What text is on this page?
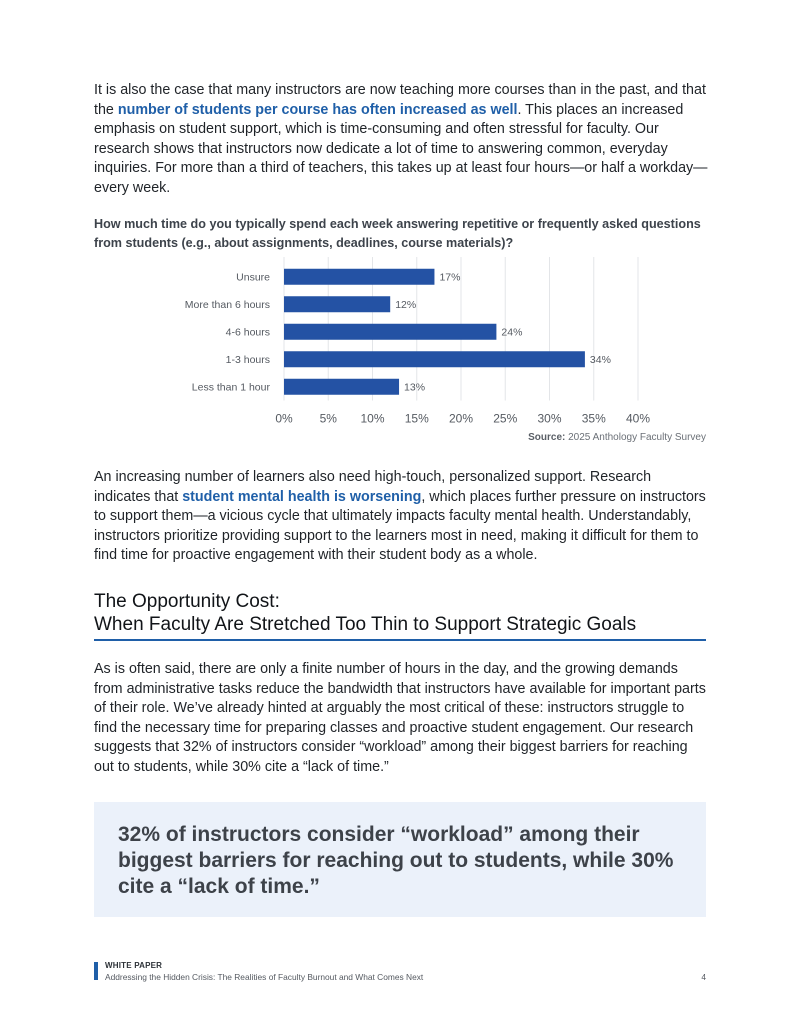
It is also the case that many instructors are now teaching more courses than in the past, and that the number of students per course has often increased as well. This places an increased emphasis on student support, which is time-consuming and often stressful for faculty. Our research shows that instructors now dedicate a lot of time to answering common, everyday inquiries. For more than a third of teachers, this takes up at least four hours—or half a workday—every week.

How much time do you typically spend each week answering repetitive or frequently asked questions from students (e.g., about assignments, deadlines, course materials)?

0% 5% 10% 15% 20% 25% 30% 35% 40%
Unsure	17%
More than 6 hours	12%
4-6 hours	24%
1-3 hours	34%
Less than 1 hour	13%
Source: 2025 Anthology Faculty Survey

An increasing number of learners also need high-touch, personalized support. Research indicates that student mental health is worsening, which places further pressure on instructors to support them—a vicious cycle that ultimately impacts faculty mental health. Understandably, instructors prioritize providing support to the learners most in need, making it difficult for them to find time for proactive engagement with their student body as a whole.

The Opportunity Cost:
When Faculty Are Stretched Too Thin to Support Strategic Goals

As is often said, there are only a finite number of hours in the day, and the growing demands from administrative tasks reduce the bandwidth that instructors have available for important parts of their role. We’ve already hinted at arguably the most critical of these: instructors struggle to find the necessary time for preparing classes and proactive student engagement. Our research suggests that 32% of instructors consider “workload” among their biggest barriers for reaching out to students, while 30% cite a “lack of time.”

32% of instructors consider “workload” among their biggest barriers for reaching out to students, while 30% cite a “lack of time.”

WHITE PAPER
Addressing the Hidden Crisis: The Realities of Faculty Burnout and What Comes Next	4
